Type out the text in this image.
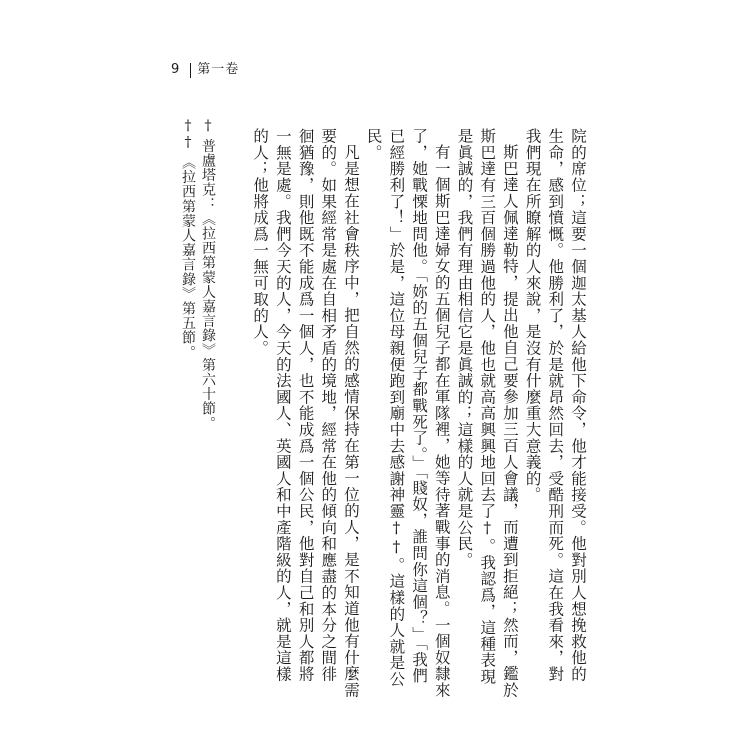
9 第一卷

院的席位；這要一個迦太基人給他下命令，他才能接受。他對別人想挽救他的生命，感到憤慨。他勝利了，於是就昂然回去，受酷刑而死。這在我看來，對我們現在所瞭解的人來說，是沒有什麼重大意義的。

斯巴達人佩達勒特，提出他自己要參加三百人會議，而遭到拒絕；然而，鑑於斯巴達有三百個勝過他的人，他也就高高興興地回去了†。我認爲，這種表現是眞誠的，我們有理由相信它是眞誠的；這樣的人就是公民。

有一個斯巴達婦女的五個兒子都在軍隊裡，她等待著戰事的消息。一個奴隸來了，她戰慄地問他。「妳的五個兒子都戰死了。」「賤奴，誰問你這個？」「我們已經勝利了！」於是，這位母親便跑到廟中去感謝神靈††。這樣的人就是公民。

凡是想在社會秩序中，把自然的感情保持在第一位的人，是不知道他有什麼需要的。如果經常是處在自相矛盾的境地，經常在他的傾向和應盡的本分之間徘徊猶豫，則他既不能成爲一個人，也不能成爲一個公民，他對自己和別人都將一無是處。我們今天的人，今天的法國人、英國人和中產階級的人，就是這樣的人；他將成爲一無可取的人。

†普盧塔克：《拉西第蒙人嘉言錄》第六十節。

††《拉西第蒙人嘉言錄》第五節。
